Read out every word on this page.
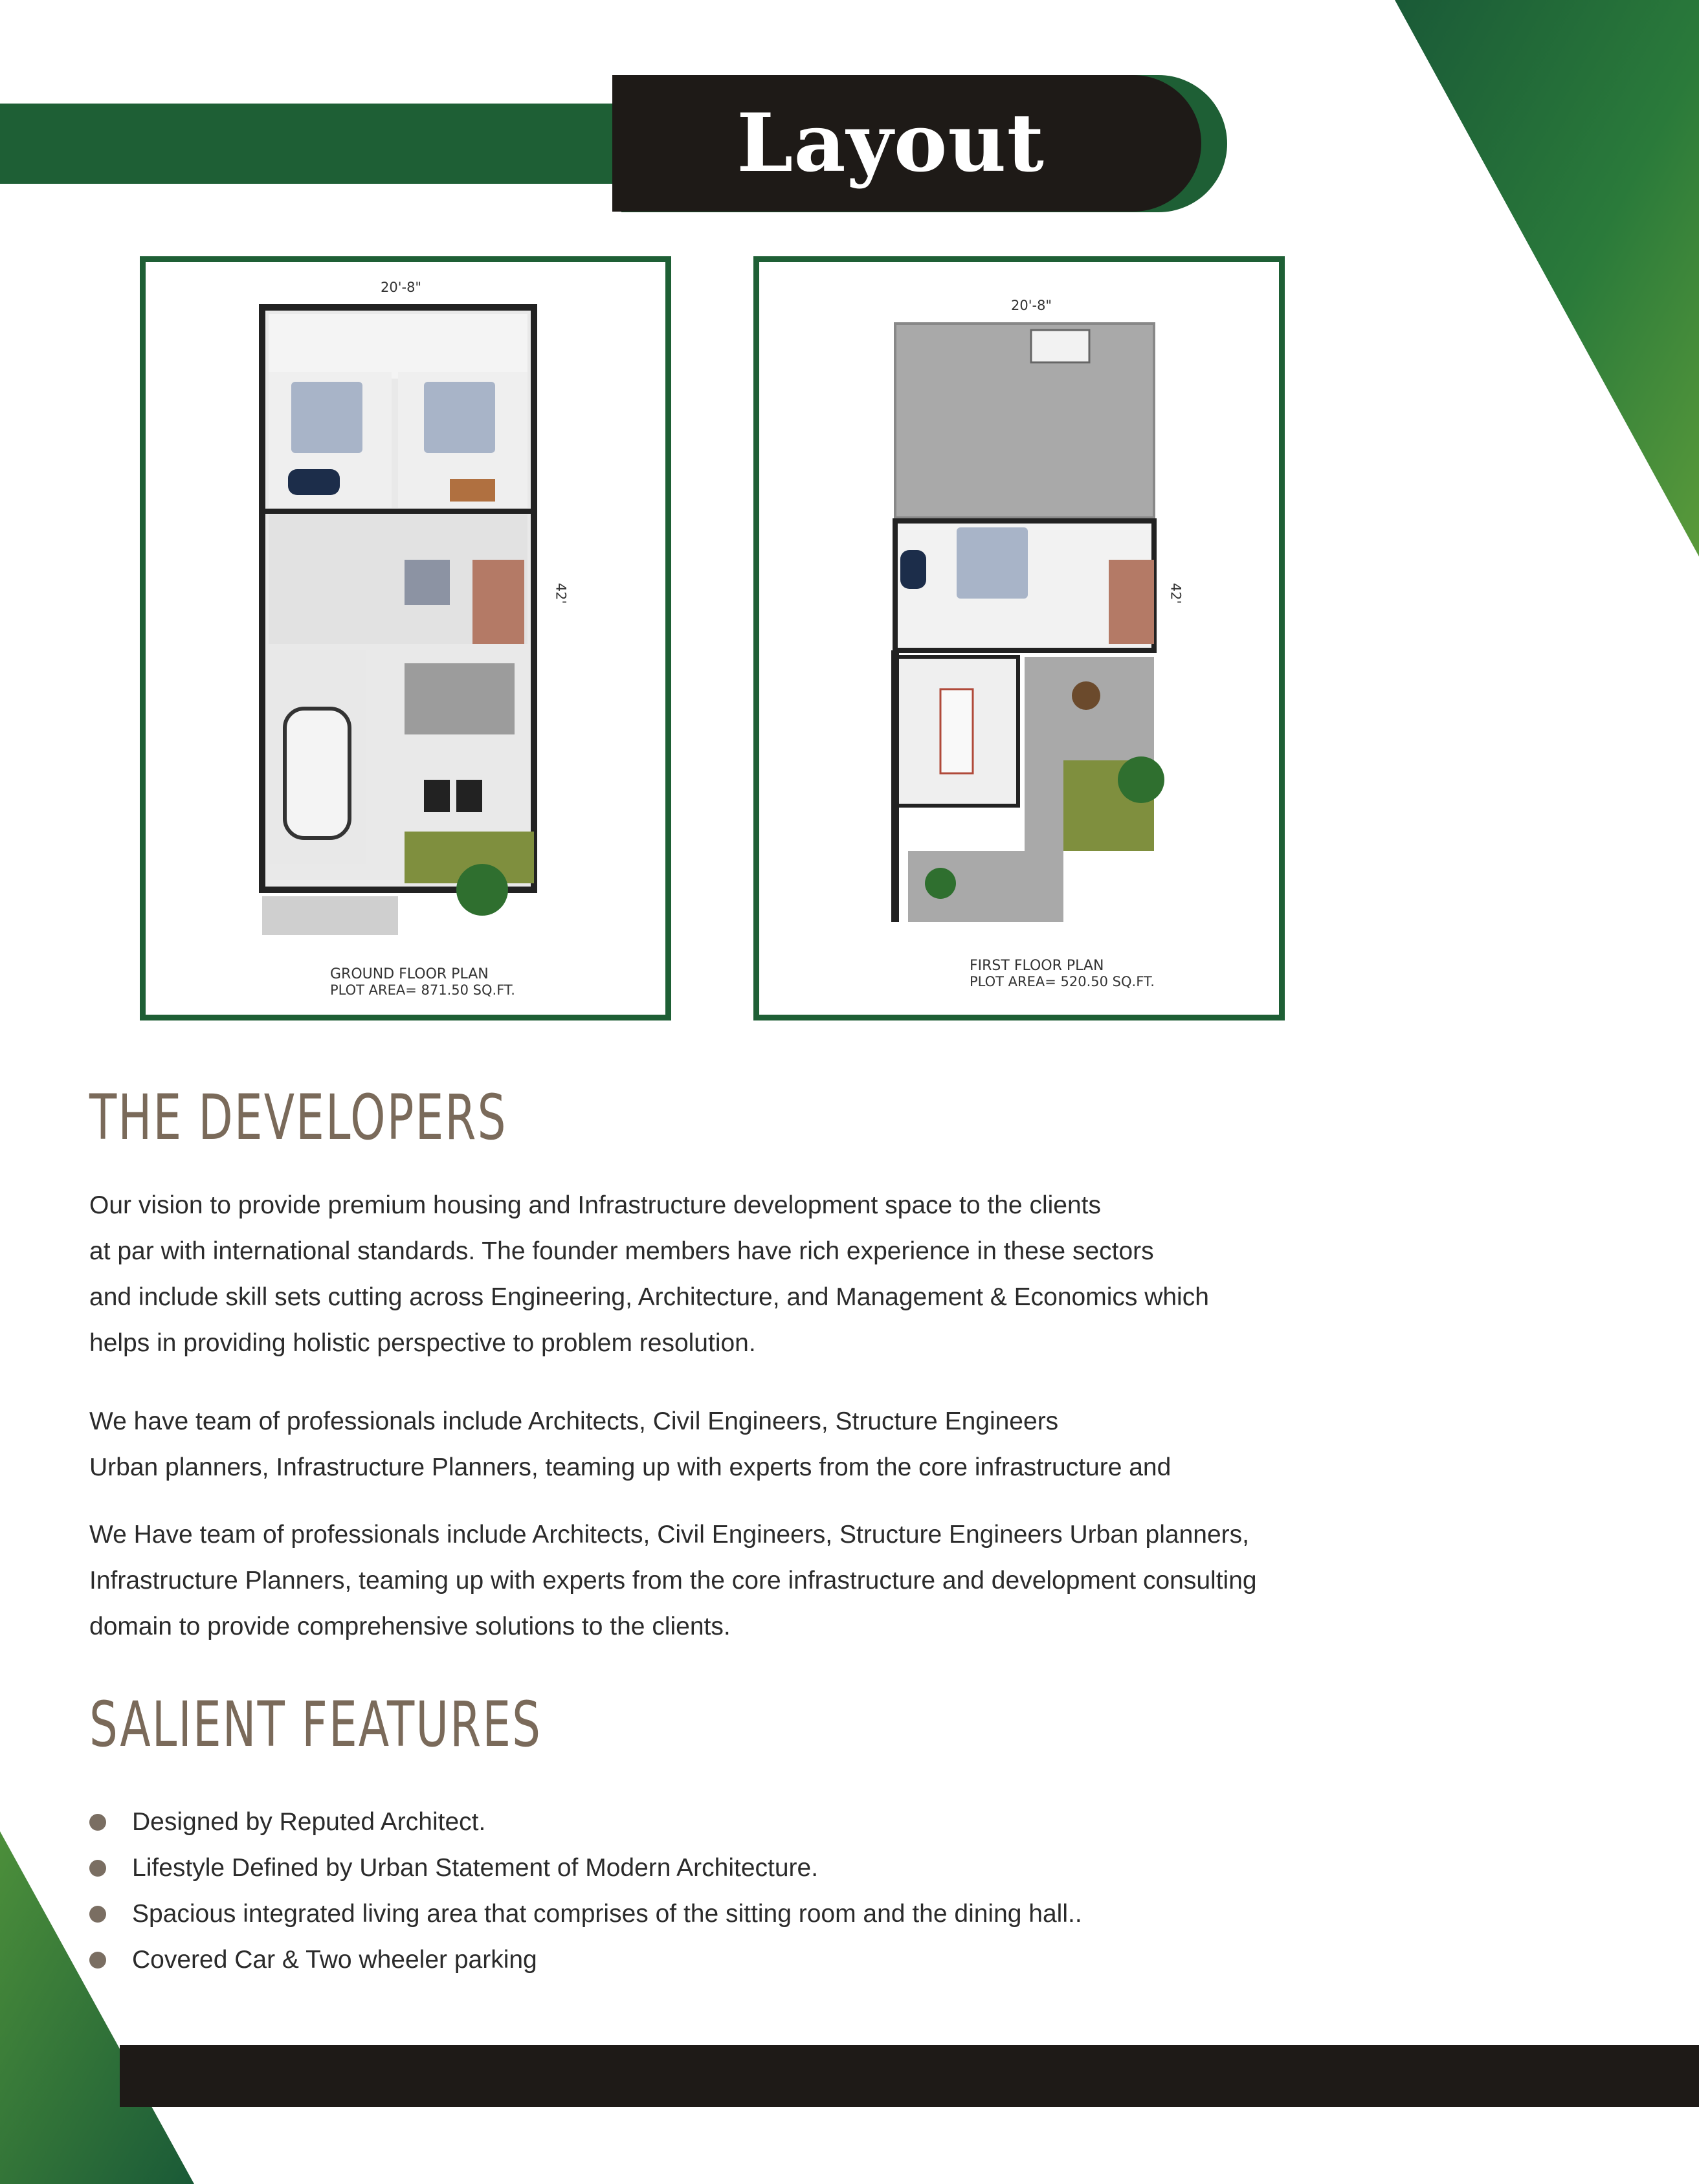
Layout
GROUND FLOOR PLAN
PLOT AREA= 871.50 SQ.FT.
20'-8"
42'
FIRST FLOOR PLAN
PLOT AREA= 520.50 SQ.FT.
20'-8"
42'
THE DEVELOPERS
Our vision to provide premium housing and Infrastructure development space to the clients
at par with international standards. The founder members have rich experience in these sectors
and include skill sets cutting across Engineering, Architecture, and Management & Economics which
helps in providing holistic perspective to problem resolution.
We have team of professionals include Architects, Civil Engineers, Structure Engineers
Urban planners, Infrastructure Planners, teaming up with experts from the core infrastructure and
We Have team of professionals include Architects, Civil Engineers, Structure Engineers Urban planners,
Infrastructure Planners, teaming up with experts from the core infrastructure and development consulting
domain to provide comprehensive solutions to the clients.
SALIENT FEATURES
Designed by Reputed Architect.
Lifestyle Defined by Urban Statement of Modern Architecture.
Spacious integrated living area that comprises of the sitting room and the dining hall..
Covered Car & Two wheeler parking
